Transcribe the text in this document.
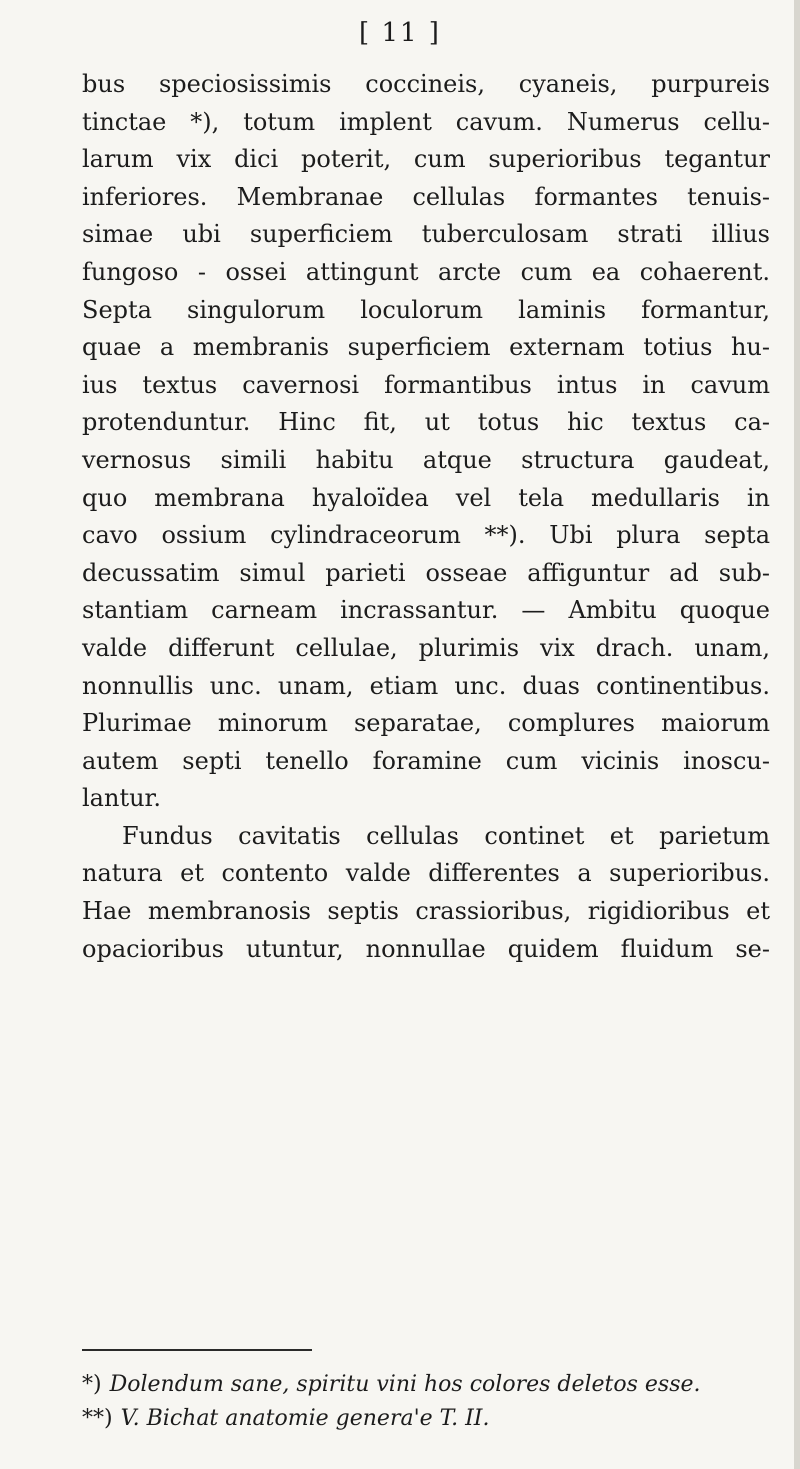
[ 11 ]
bus speciosissimis coccineis, cyaneis, purpureis
tinctae *), totum implent cavum. Numerus cellu-
larum vix dici poterit, cum superioribus tegantur
inferiores. Membranae cellulas formantes tenuis-
simae ubi superficiem tuberculosam strati illius
fungoso - ossei attingunt arcte cum ea cohaerent.
Septa singulorum loculorum laminis formantur,
quae a membranis superficiem externam totius hu-
ius textus cavernosi formantibus intus in cavum
protenduntur. Hinc fit, ut totus hic textus ca-
vernosus simili habitu atque structura gaudeat,
quo membrana hyaloïdea vel tela medullaris in
cavo ossium cylindraceorum **). Ubi plura septa
decussatim simul parieti osseae affiguntur ad sub-
stantiam carneam incrassantur. — Ambitu quoque
valde differunt cellulae, plurimis vix drach. unam,
nonnullis unc. unam, etiam unc. duas continentibus.
Plurimae minorum separatae, complures maiorum
autem septi tenello foramine cum vicinis inoscu-
lantur.
Fundus cavitatis cellulas continet et parietum
natura et contento valde differentes a superioribus.
Hae membranosis septis crassioribus, rigidioribus et
opacioribus utuntur, nonnullae quidem fluidum se-
*) Dolendum sane, spiritu vini hos colores deletos esse.
**) V. Bichat anatomie genera'e T. II.
